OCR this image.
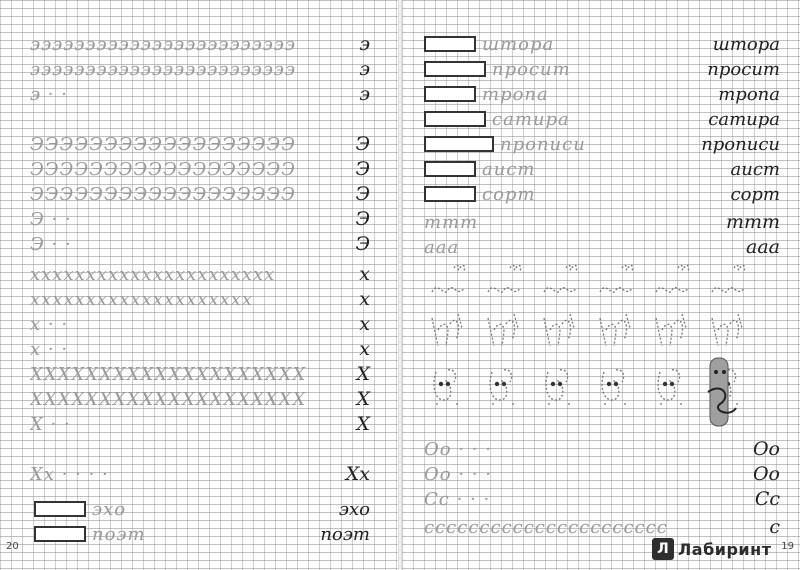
ээээээээээээээээээээээээ	э
ээээээээээээээээээээээээ	э
э · ·	э
ЭЭЭЭЭЭЭЭЭЭЭЭЭЭЭЭЭЭ	Э
ЭЭЭЭЭЭЭЭЭЭЭЭЭЭЭЭЭЭ	Э
ЭЭЭЭЭЭЭЭЭЭЭЭЭЭЭЭЭЭ	Э
Э · ·	Э
Э · ·	Э
хххххххххххххххххххххх	х
хххххххххххххххххххх	х
х · ·	х
х · ·	х
ХХХХХХХХХХХХХХХХХХХХ	Х
ХХХХХХХХХХХХХХХХХХХХ	Х
Х · ·	Х
Хх · · · ·	Хх
эхо	эхо
поэт	поэт
20
штора	штора
просит	просит
тропа	тропа
сатира	сатира
прописи	прописи
аист	аист
сорт	сорт
ттт	ттт
ааа	ааа
Оо · · ·	Оо
Оо · · ·	Оо
Сс · · ·	Сс
сссссссссссссссссссссс	с
19
Л Лабиринт
